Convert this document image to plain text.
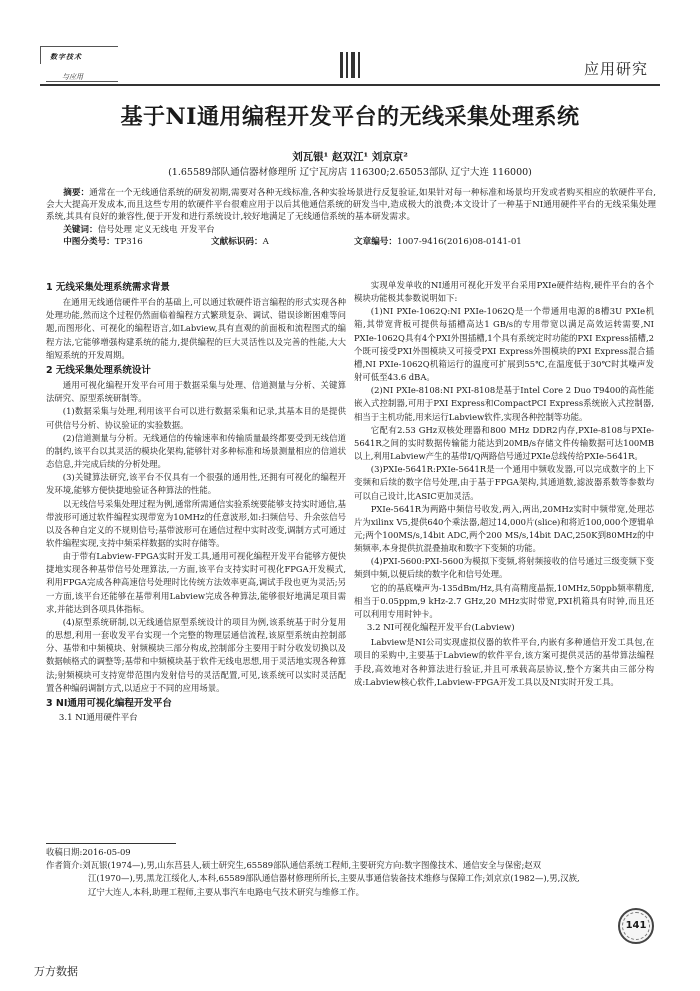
数字技术
与应用	应用研究
基于NI通用编程开发平台的无线采集处理系统
刘瓦银¹ 赵双江¹ 刘京京²
(1.65589部队通信器材修理所 辽宁瓦房店 116300;2.65053部队 辽宁大连 116000)
摘要：通常在一个无线通信系统的研发初期,需要对各种无线标准,各种实验场景进行反复验证,如果针对每一种标准和场景均开发或者购买相应的软硬件平台,会大大提高开发成本,而且这些专用的软硬件平台很难应用于以后其他通信系统的研发当中,造成极大的浪费;本文设计了一种基于NI通用硬件平台的无线采集处理系统,其具有良好的兼容性,便于开发和进行系统设计,较好地满足了无线通信系统的基本研发需求。
关键词：信号处理 定义无线电 开发平台
中图分类号：TP316	文献标识码：A	文章编号：1007-9416(2016)08-0141-01
1 无线采集处理系统需求背景

在通用无线通信硬件平台的基础上,可以通过软硬件语言编程的形式实现各种处理功能,然而这个过程仍然面临着编程方式繁琐复杂、调试、错误诊断困难等问题,而图形化、可视化的编程语言,如Labview,具有直观的前面板和流程图式的编程方法,它能够增强构建系统的能力,提供编程的巨大灵活性以及完善的性能,大大缩短系统的开发周期。

2 无线采集处理系统设计

通用可视化编程开发平台可用于数据采集与处理、信道测量与分析、关键算法研究、原型系统研制等。

(1)数据采集与处理,利用该平台可以进行数据采集和记录,其基本目的是提供可供信号分析、协议验证的实验数据。

(2)信道测量与分析。无线通信的传输速率和传输质量最终都要受到无线信道的制约,该平台以其灵活的模块化架构,能够针对多种标准和场景测量相应的信道状态信息,并完成后续的分析处理。

(3)关键算法研究,该平台不仅具有一个很强的通用性,还拥有可视化的编程开发环境,能够方便快捷地验证各种算法的性能。

以无线信号采集处理过程为例,通常所需通信实验系统要能够支持实时通信,基带波形可通过软件编程实现带宽为10MHz的任意波形,如:扫频信号、升余弦信号以及各种自定义的不规则信号;基带波形可在通信过程中实时改变,调制方式可通过软件编程实现,支持中频采样数据的实时存储等。

由于带有Labview-FPGA实时开发工具,通用可视化编程开发平台能够方便快捷地实现各种基带信号处理算法,一方面,该平台支持实时可视化FPGA开发模式,利用FPGA完成各种高速信号处理时比传统方法效率更高,调试手段也更为灵活;另一方面,该平台还能够在基带利用Labview完成各种算法,能够很好地满足项目需求,并能达到各项具体指标。

(4)原型系统研制,以无线通信原型系统设计的项目为例,该系统基于时分复用的思想,利用一套收发平台实现一个完整的物理层通信流程,该原型系统由控制部分、基带和中频模块、射频模块三部分构成,控制部分主要用于时分收发切换以及数据帧格式的调整等;基带和中频模块基于软件无线电思想,用于灵活地实现各种算法;射频模块可支持宽带范围内发射信号的灵活配置,可见,该系统可以实时灵活配置各种编码调制方式,以适应于不同的应用场景。

3 NI通用可视化编程开发平台
3.1 NI通用硬件平台

实现单发单收的NI通用可视化开发平台采用PXIe硬件结构,硬件平台的各个模块功能极其参数说明如下:

(1)NI PXIe-1062Q:NI PXIe-1062Q是一个带通用电源的8槽3U PXIe机箱,其带宽背板可提供每插槽高达1 GB/s的专用带宽以满足高效运转需要,NI PXIe-1062Q具有4个PXI外围插槽,1个具有系统定时功能的PXI Express插槽,2个既可接受PXI外围模块又可接受PXI Express外围模块的PXI Express混合插槽,NI PXIe-1062Q机箱运行的温度可扩展到55℃,在温度低于30℃时其噪声发射可低至43.6 dBA。

(2)NI PXIe-8108:NI PXI-8108是基于Intel Core 2 Duo T9400的高性能嵌入式控制器,可用于PXI Express和CompactPCI Express系统嵌入式控制器,相当于主机功能,用来运行Labview软件,实现各种控制等功能。

它配有2.53 GHz双核处理器和800 MHz DDR2内存,PXIe-8108与PXIe-5641R之间的实时数据传输能力能达到20MB/s存储文件传输数据可达100MB以上,利用Labview产生的基带I/Q两路信号通过PXIe总线传给PXIe-5641R。

(3)PXIe-5641R:PXIe-5641R是一个通用中频收发器,可以完成数字的上下变频和后续的数字信号处理,由于基于FPGA架构,其通道数,滤波器系数等参数均可以自己设计,比ASIC更加灵活。

PXIe-5641R为两路中频信号收发,两入,两出,20MHz实时中频带宽,处理芯片为xilinx V5,提供640个乘法器,超过14,000片(slice)和将近100,000个逻辑单元;两个100MS/s,14bit ADC,两个200 MS/s,14bit DAC,250K到80MHz的中频频率,本身提供抗混叠抽取和数字下变频的功能。

(4)PXI-5600:PXI-5600为模拟下变频,将射频接收的信号通过三级变频下变频到中频,以便后续的数字化和信号处理。

它的的基底噪声为-135dBm/Hz,具有高精度晶振,10MHz,50ppb频率精度,相当于0.05ppm,9 kHz-2.7 GHz,20 MHz实时带宽,PXI机箱具有时钟,而且还可以利用专用时钟卡。

3.2 NI可视化编程开发平台(Labview)

Labview是NI公司实现虚拟仪器的软件平台,内嵌有多种通信开发工具包,在项目的采购中,主要基于Labview的软件平台,该方案可提供灵活的基带算法编程手段,高效地对各种算法进行验证,并且可承载高层协议,整个方案共由三部分构成:Labview核心软件,Labview-FPGA开发工具以及NI实时开发工具。

收稿日期:2016-05-09
作者简介:刘瓦银(1974—),男,山东莒县人,硕士研究生,65589部队通信系统工程师,主要研究方向:数字图像技术、通信安全与保密;赵双
江(1970—),男,黑龙江绥化人,本科,65589部队通信器材修理所所长,主要从事通信装备技术维修与保障工作;刘京京(1982—),男,汉族,
辽宁大连人,本科,助理工程师,主要从事汽车电路电气技术研究与维修工作。
141
万方数据
